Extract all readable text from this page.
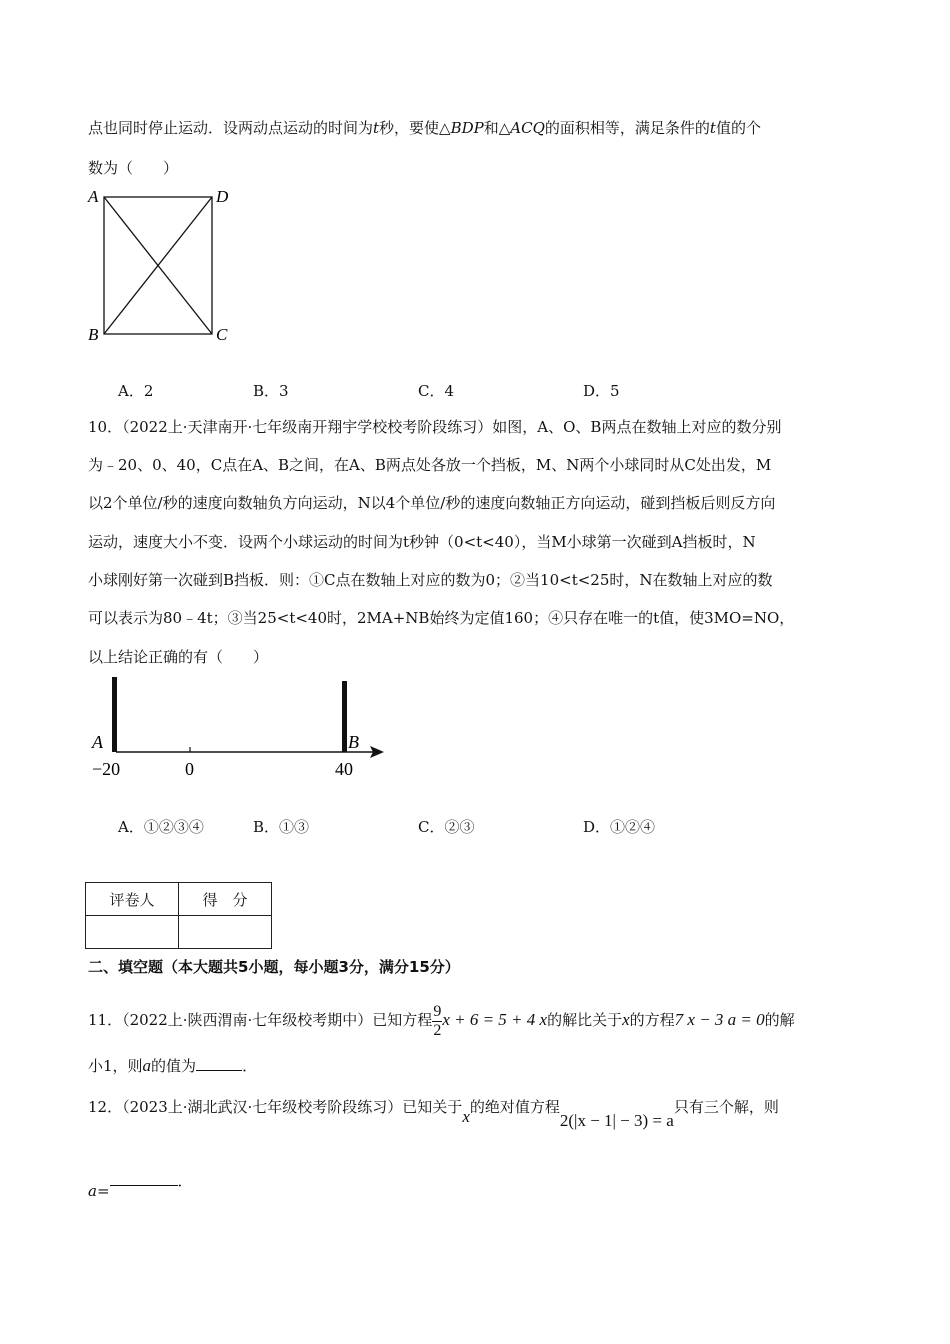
点也同时停止运动．设两动点运动的时间为t秒，要使△BDP和△ACQ的面积相等，满足条件的t值的个
数为（　　）
A	D
B	C
A．2	B．3	C．4	D．5
10．（2022上·天津南开·七年级南开翔宇学校校考阶段练习）如图，A、O、B两点在数轴上对应的数分别
为﹣20、0、40，C点在A、B之间，在A、B两点处各放一个挡板，M、N两个小球同时从C处出发，M
以2个单位/秒的速度向数轴负方向运动，N以4个单位/秒的速度向数轴正方向运动，碰到挡板后则反方向
运动，速度大小不变．设两个小球运动的时间为t秒钟（0<t<40），当M小球第一次碰到A挡板时，N
小球刚好第一次碰到B挡板．则：①C点在数轴上对应的数为0；②当10<t<25时，N在数轴上对应的数
可以表示为80﹣4t；③当25<t<40时，2MA+NB始终为定值160；④只存在唯一的t值，使3MO=NO，
以上结论正确的有（　　）
A	B
−20	0	40
A．①②③④	B．①③	C．②③	D．①②④
评卷人	得　分

二、填空题（本大题共5小题，每小题3分，满分15分）
11．（2022上·陕西渭南·七年级校考期中）已知方程 $\frac{9}{2}$ x + 6 = 5 + 4 x的解比关于x的方程7 x − 3 a = 0的解
小1，则a的值为	．
12．（2023上·湖北武汉·七年级校考阶段练习）已知关于x的绝对值方程2(|x − 1| − 3) = a只有三个解，则
a=．
